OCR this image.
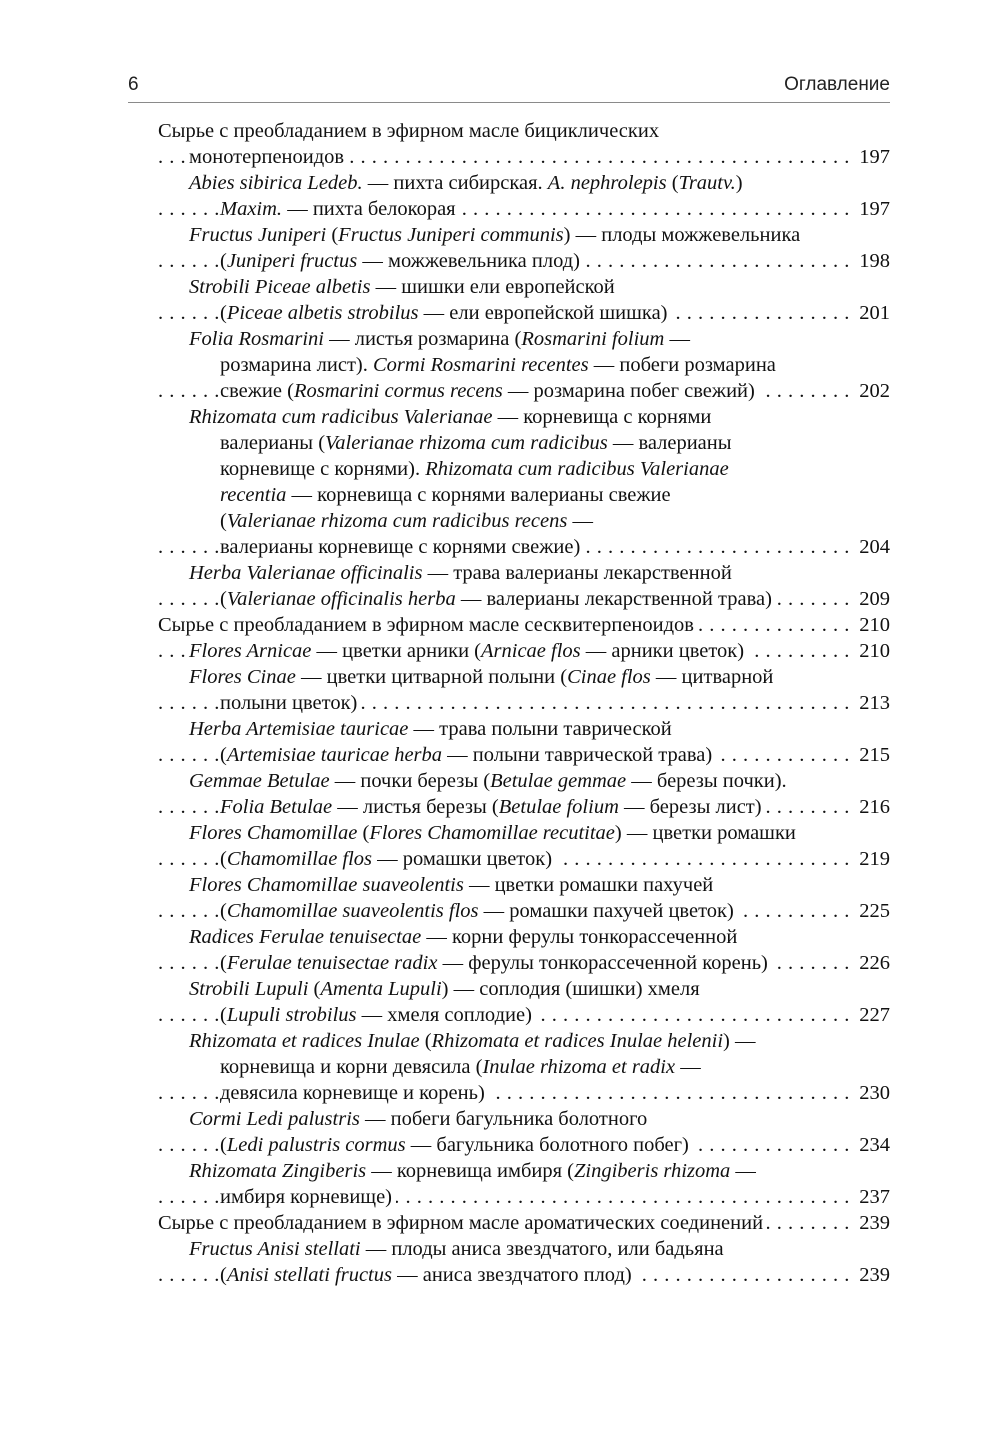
6	Оглавление
Сырье с преобладанием в эфирном масле бициклических
монотерпеноидов	197
. . .
Abies sibirica Ledeb. — пихта сибирская. A. nephrolepis (Trautv.)
Maxim. — пихта белокорая	197
. . .
Fructus Juniperi (Fructus Juniperi communis) — плоды можжевельника
(Juniperi fructus — можжевельника плод)	198
. . .
Strobili Piceae albetis — шишки ели европейской
(Piceae albetis strobilus — ели европейской шишка)	201
. . .
Folia Rosmarini — листья розмарина (Rosmarini folium —
розмарина лист). Cormi Rosmarini recentes — побеги розмарина
свежие (Rosmarini cormus recens — розмарина побег свежий)	202
. . .
Rhizomata cum radicibus Valerianae — корневища с корнями
валерианы (Valerianae rhizoma cum radicibus — валерианы
корневище с корнями). Rhizomata cum radicibus Valerianae
recentia — корневища с корнями валерианы свежие
(Valerianae rhizoma cum radicibus recens —
валерианы корневище с корнями свежие)	204
. . .
Herba Valerianae officinalis — трава валерианы лекарственной
(Valerianae officinalis herba — валерианы лекарственной трава)	209
. . .
Сырье с преобладанием в эфирном масле сесквитерпеноидов	210
. . .
Flores Arnicae — цветки арники (Arnicae flos — арники цветок)	210
. . .
Flores Cinae — цветки цитварной полыни (Cinae flos — цитварной
полыни цветок)	213
. . .
Herba Artemisiae tauricae — трава полыни таврической
(Artemisiae tauricae herba — полыни таврической трава)	215
. . .
Gemmae Betulae — почки березы (Betulae gemmae — березы почки).
Folia Betulae — листья березы (Betulae folium — березы лист)	216
. . .
Flores Chamomillae (Flores Chamomillae recutitae) — цветки ромашки
(Chamomillae flos — ромашки цветок)	219
. . .
Flores Chamomillae suaveolentis — цветки ромашки пахучей
(Chamomillae suaveolentis flos — ромашки пахучей цветок)	225
. . .
Radices Ferulae tenuisectae — корни ферулы тонкорассеченной
(Ferulae tenuisectae radix — ферулы тонкорассеченной корень)	226
. . .
Strobili Lupuli (Amenta Lupuli) — соплодия (шишки) хмеля
(Lupuli strobilus — хмеля соплодие)	227
. . .
Rhizomata et radices Inulae (Rhizomata et radices Inulae helenii) —
корневища и корни девясила (Inulae rhizoma et radix —
девясила корневище и корень)	230
. . .
Cormi Ledi palustris — побеги багульника болотного
(Ledi palustris cormus — багульника болотного побег)	234
. . .
Rhizomata Zingiberis — корневища имбиря (Zingiberis rhizoma —
имбиря корневище)	237
. . .
Сырье с преобладанием в эфирном масле ароматических соединений	239
. . .
Fructus Anisi stellati — плоды аниса звездчатого, или бадьяна
(Anisi stellati fructus — аниса звездчатого плод)	239
. . .
